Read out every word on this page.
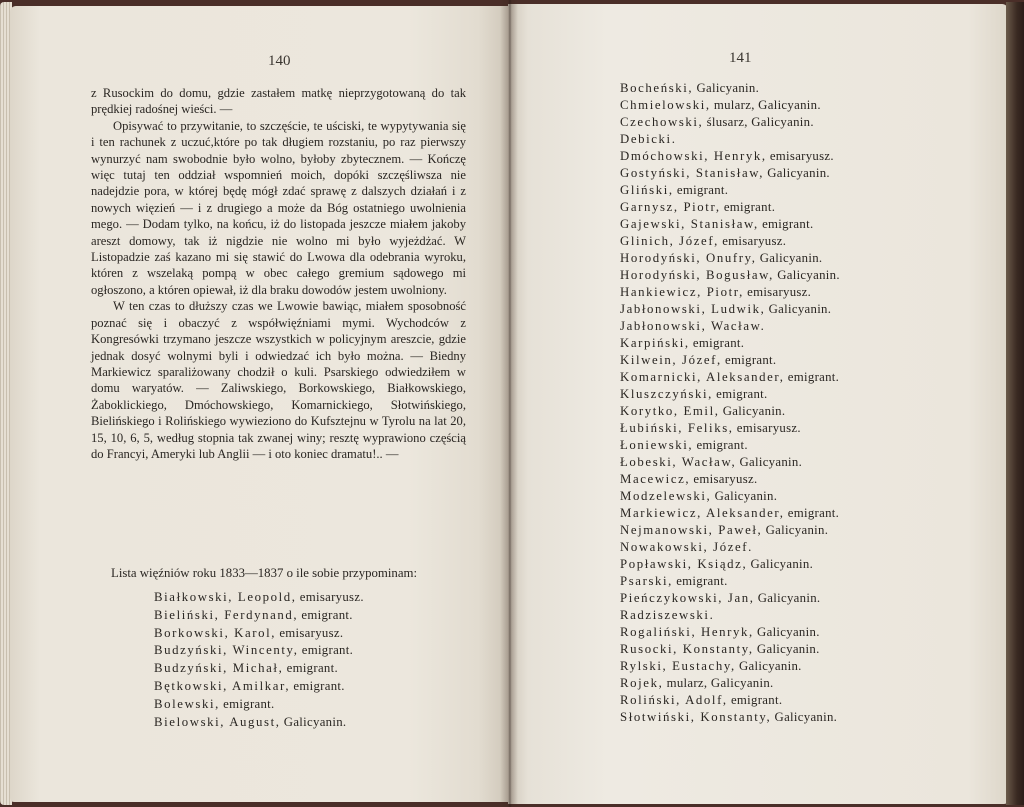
140	141

z Rusockim do domu, gdzie zastałem matkę nieprzygotowaną do tak prędkiej radośnej wieści. —

Opisywać to przywitanie, to szczęście, te uściski, te wypytywania się i ten rachunek z uczuć,które po tak długiem rozstaniu, po raz pierwszy wynurzyć nam swobodnie było wolno, byłoby zbytecznem. — Kończę więc tutaj ten oddział wspomnień moich, dopóki szczęśliwsza nie nadejdzie pora, w której będę mógł zdać sprawę z dalszych działań i z nowych więzień — i z drugiego a może da Bóg ostatniego uwolnienia mego. — Dodam tylko, na końcu, iż do listopada jeszcze miałem jakoby areszt domowy, tak iż nigdzie nie wolno mi było wyjeżdżać. W Listopadzie zaś kazano mi się stawić do Lwowa dla odebrania wyroku, któren z wszelaką pompą w obec całego gremium sądowego mi ogłoszono, a któren opiewał, iż dla braku dowodów jestem uwolniony.

W ten czas to dłuższy czas we Lwowie bawiąc, miałem sposobność poznać się i obaczyć z współwięźniami mymi. Wychodców z Kongresówki trzymano jeszcze wszystkich w policyjnym areszcie, gdzie jednak dosyć wolnymi byli i odwiedzać ich było można. — Biedny Markiewicz sparaliżowany chodził o kuli. Psarskiego odwiedziłem w domu waryatów. — Zaliwskiego, Borkowskiego, Białkowskiego, Żaboklickiego, Dmóchowskiego, Komarnickiego, Słotwińskiego, Bielińskiego i Rolińskiego wywieziono do Kufsztejnu w Tyrolu na lat 20, 15, 10, 6, 5, według stopnia tak zwanej winy; resztę wyprawiono częścią do Francyi, Ameryki lub Anglii — i oto koniec dramatu!.. —

Lista więźniów roku 1833—1837 o ile sobie przypominam:
Białkowski, Leopold, emisaryusz.
Bieliński, Ferdynand, emigrant.
Borkowski, Karol, emisaryusz.
Budzyński, Wincenty, emigrant.
Budzyński, Michał, emigrant.
Bętkowski, Amilkar, emigrant.
Bolewski, emigrant.
Bielowski, August, Galicyanin.
Bocheński, Galicyanin.
Chmielowski, mularz, Galicyanin.
Czechowski, ślusarz, Galicyanin.
Debicki.
Dmóchowski, Henryk, emisaryusz.
Gostyński, Stanisław, Galicyanin.
Gliński, emigrant.
Garnysz, Piotr, emigrant.
Gajewski, Stanisław, emigrant.
Glinich, Józef, emisaryusz.
Horodyński, Onufry, Galicyanin.
Horodyński, Bogusław, Galicyanin.
Hankiewicz, Piotr, emisaryusz.
Jabłonowski, Ludwik, Galicyanin.
Jabłonowski, Wacław.
Karpiński, emigrant.
Kilwein, Józef, emigrant.
Komarnicki, Aleksander, emigrant.
Kluszczyński, emigrant.
Korytko, Emil, Galicyanin.
Łubiński, Feliks, emisaryusz.
Łoniewski, emigrant.
Łobeski, Wacław, Galicyanin.
Macewicz, emisaryusz.
Modzelewski, Galicyanin.
Markiewicz, Aleksander, emigrant.
Nejmanowski, Paweł, Galicyanin.
Nowakowski, Józef.
Popławski, Ksiądz, Galicyanin.
Psarski, emigrant.
Pieńczykowski, Jan, Galicyanin.
Radziszewski.
Rogaliński, Henryk, Galicyanin.
Rusocki, Konstanty, Galicyanin.
Rylski, Eustachy, Galicyanin.
Rojek, mularz, Galicyanin.
Roliński, Adolf, emigrant.
Słotwiński, Konstanty, Galicyanin.
